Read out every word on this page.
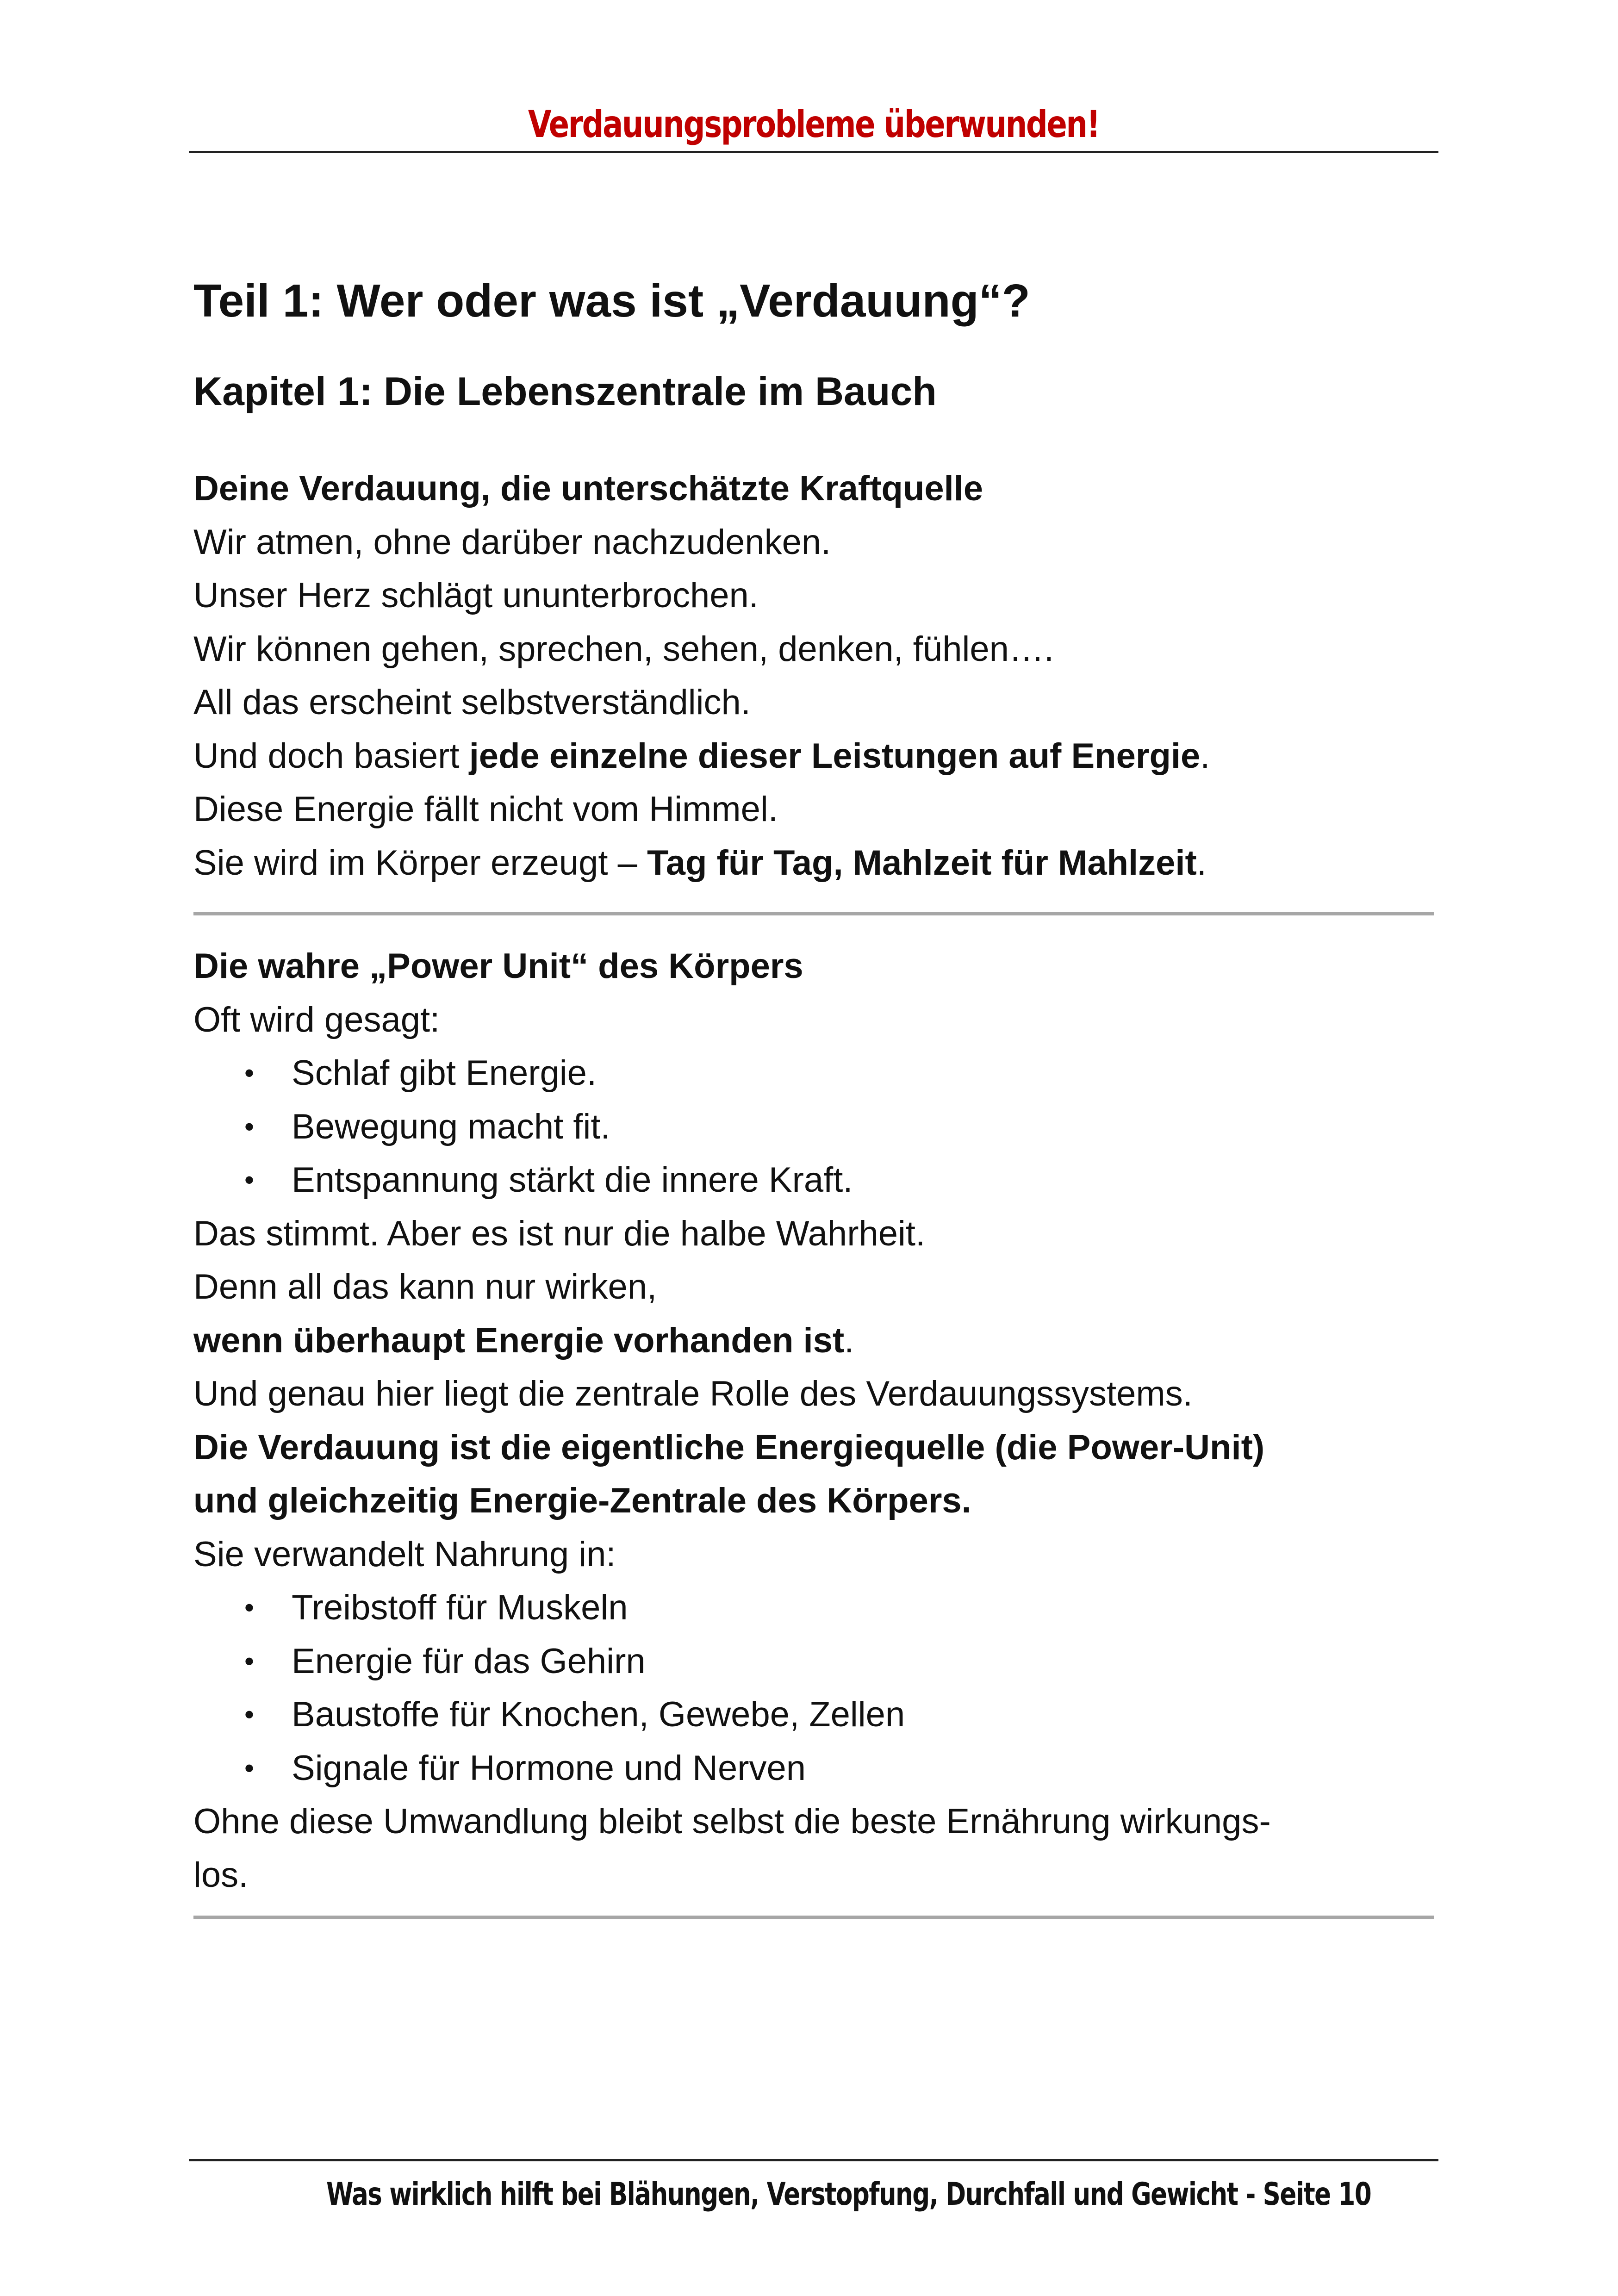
Verdauungsprobleme überwunden!
Teil 1: Wer oder was ist „Verdauung“?
Kapitel 1: Die Lebenszentrale im Bauch
Deine Verdauung, die unterschätzte Kraftquelle
Wir atmen, ohne darüber nachzudenken.
Unser Herz schlägt ununterbrochen.
Wir können gehen, sprechen, sehen, denken, fühlen….
All das erscheint selbstverständlich.
Und doch basiert jede einzelne dieser Leistungen auf Energie.
Diese Energie fällt nicht vom Himmel.
Sie wird im Körper erzeugt – Tag für Tag, Mahlzeit für Mahlzeit.
Die wahre „Power Unit“ des Körpers
Oft wird gesagt:
• Schlaf gibt Energie.
• Bewegung macht fit.
• Entspannung stärkt die innere Kraft.
Das stimmt. Aber es ist nur die halbe Wahrheit.
Denn all das kann nur wirken,
wenn überhaupt Energie vorhanden ist.
Und genau hier liegt die zentrale Rolle des Verdauungssystems.
Die Verdauung ist die eigentliche Energiequelle (die Power-Unit)
und gleichzeitig Energie-Zentrale des Körpers.
Sie verwandelt Nahrung in:
• Treibstoff für Muskeln
• Energie für das Gehirn
• Baustoffe für Knochen, Gewebe, Zellen
• Signale für Hormone und Nerven
Ohne diese Umwandlung bleibt selbst die beste Ernährung wirkungs-
los.
Was wirklich hilft bei Blähungen, Verstopfung, Durchfall und Gewicht - Seite 10
